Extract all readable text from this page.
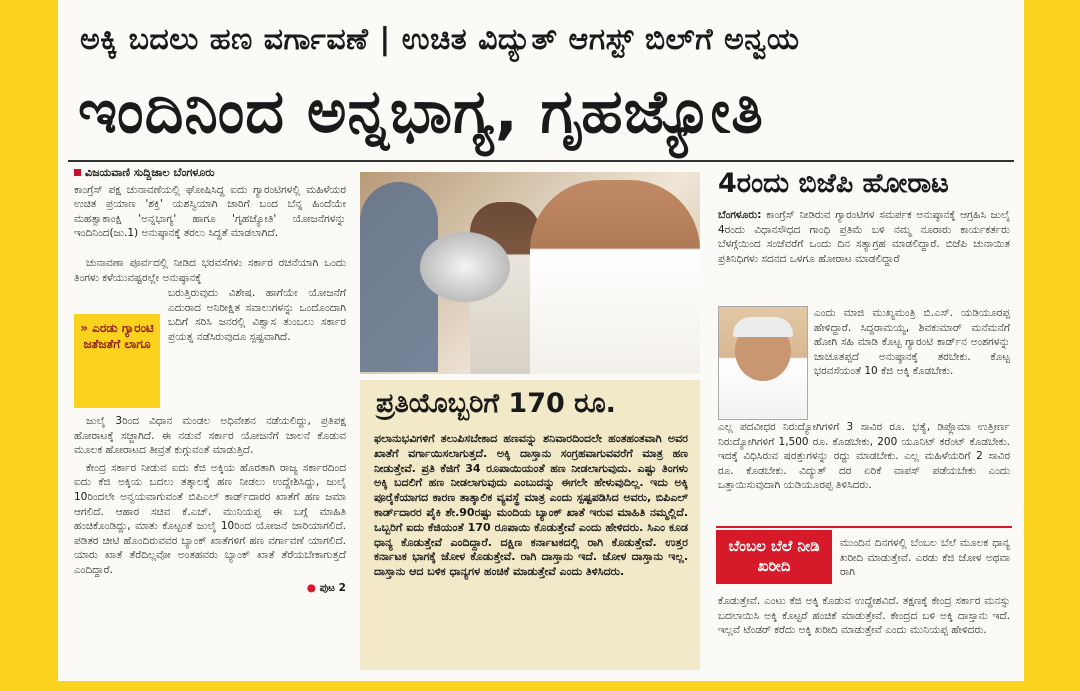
ಅಕ್ಕಿ ಬದಲು ಹಣ ವರ್ಗಾವಣೆ | ಉಚಿತ ವಿದ್ಯುತ್ ಆಗಸ್ಟ್ ಬಿಲ್‌ಗೆ ಅನ್ವಯ
ಇಂದಿನಿಂದ ಅನ್ನಭಾಗ್ಯ, ಗೃಹಜ್ಯೋತಿ
ವಿಜಯವಾಣಿ ಸುದ್ದಿಜಾಲ ಬೆಂಗಳೂರು

ಕಾಂಗ್ರೆಸ್ ಪಕ್ಷ ಚುನಾವಣೆಯಲ್ಲಿ ಘೋಷಿಸಿದ್ದ ಐದು ಗ್ಯಾರಂಟಿಗಳಲ್ಲಿ ಮಹಿಳೆಯರ ಉಚಿತ ಪ್ರಯಾಣ 'ಶಕ್ತಿ' ಯಶಸ್ವಿಯಾಗಿ ಜಾರಿಗೆ ಬಂದ ಬೆನ್ನ ಹಿಂದೆಯೇ ಮಹತ್ವಾಕಾಂಕ್ಷಿ 'ಅನ್ನಭಾಗ್ಯ' ಹಾಗೂ 'ಗೃಹಜ್ಯೋತಿ' ಯೋಜನೆಗಳನ್ನು ಇಂದಿನಿಂದ(ಜು.1) ಅನುಷ್ಠಾನಕ್ಕೆ ತರಲು ಸಿದ್ಧತೆ ಮಾಡಲಾಗಿದೆ.

ಚುನಾವಣಾ ಪೂರ್ವದಲ್ಲಿ ನೀಡಿದ ಭರವಸೆಗಳು ಸರ್ಕಾರ ರಚನೆಯಾಗಿ ಒಂದು ತಿಂಗಳು ಕಳೆಯುವಷ್ಟರಲ್ಲೇ ಅನುಷ್ಠಾನಕ್ಕೆ

ಬರುತ್ತಿರುವುದು ವಿಶೇಷ. ಹಾಗೆಯೇ ಯೋಜನೆಗೆ ಎದುರಾದ ಅನಿರೀಕ್ಷಿತ ಸವಾಲುಗಳನ್ನು ಒಂದೊಂದಾಗಿ ಬದಿಗೆ ಸರಿಸಿ ಜನರಲ್ಲಿ ವಿಶ್ವಾಸ ತುಂಬಲು ಸರ್ಕಾರ ಪ್ರಯತ್ನ ನಡೆಸಿರುವುದೂ ಸ್ಪಷ್ಟವಾಗಿದೆ.

» ಎರಡು ಗ್ಯಾರಂಟಿ ಜತೆಜತೆಗೆ ಲಾಗೂ

ಜುಲೈ 3ರಿಂದ ವಿಧಾನ ಮಂಡಲ ಅಧಿವೇಶನ ನಡೆಯಲಿದ್ದು, ಪ್ರತಿಪಕ್ಷ ಹೋರಾಟಕ್ಕೆ ಸಜ್ಜಾಗಿದೆ. ಈ ನಡುವೆ ಸರ್ಕಾರ ಯೋಜನೆಗೆ ಚಾಲನೆ ಕೊಡುವ ಮೂಲಕ ಹೋರಾಟದ ತೀವ್ರತೆ ಕುಗ್ಗುವಂತೆ ಮಾಡುತ್ತಿದೆ.

ಕೇಂದ್ರ ಸರ್ಕಾರ ನೀಡುವ ಐದು ಕೆಜಿ ಅಕ್ಕಿಯ ಹೊರತಾಗಿ ರಾಜ್ಯ ಸರ್ಕಾರದಿಂದ ಐದು ಕೆಜಿ ಅಕ್ಕಿಯ ಬದಲು ತತ್ಕಾಲಕ್ಕೆ ಹಣ ನೀಡಲು ಉದ್ದೇಶಿಸಿದ್ದು, ಜುಲೈ 10ರಿಂದಲೇ ಅನ್ವಯವಾಗುವಂತೆ ಬಿಪಿಎಲ್ ಕಾರ್ಡ್‌ದಾರರ ಖಾತೆಗೆ ಹಣ ಜಮಾ ಆಗಲಿದೆ. ಆಹಾರ ಸಚಿವ ಕೆ.ಎಚ್. ಮುನಿಯಪ್ಪ ಈ ಬಗ್ಗೆ ಮಾಹಿತಿ ಹಂಚಿಕೊಂಡಿದ್ದು, ಮಾತು ಕೊಟ್ಟಂತೆ ಜುಲೈ 10ರಿಂದ ಯೋಜನೆ ಜಾರಿಯಾಗಲಿದೆ. ಪಡಿತರ ಚೀಟಿ ಹೊಂದಿರುವವರ ಬ್ಯಾಂಕ್ ಖಾತೆಗಳಿಗೆ ಹಣ ವರ್ಗಾವಣೆ ಯಾಗಲಿದೆ. ಯಾರು ಖಾತೆ ತೆರೆದಿಲ್ಲವೋ ಅಂತಹವರು ಬ್ಯಾಂಕ್ ಖಾತೆ ತೆರೆಯಬೇಕಾಗುತ್ತದೆ ಎಂದಿದ್ದಾರೆ.

● ಪುಟ 2
ಪ್ರತಿಯೊಬ್ಬರಿಗೆ 170 ರೂ.
ಫಲಾನುಭವಿಗಳಿಗೆ ತಲುಪಿಸಬೇಕಾದ ಹಣವನ್ನು ಶನಿವಾರದಿಂದಲೇ ಹಂತಹಂತವಾಗಿ ಅವರ ಖಾತೆಗೆ ವರ್ಗಾಯಿಸಲಾಗುತ್ತದೆ. ಅಕ್ಕಿ ದಾಸ್ತಾನು ಸಂಗ್ರಹವಾಗುವವರೆಗೆ ಮಾತ್ರ ಹಣ ನೀಡುತ್ತೇವೆ. ಪ್ರತಿ ಕೆಜಿಗೆ 34 ರೂಪಾಯಿಯಂತೆ ಹಣ ನೀಡಲಾಗುವುದು. ಎಷ್ಟು ತಿಂಗಳು ಅಕ್ಕಿ ಬದಲಿಗೆ ಹಣ ನೀಡಲಾಗುವುದು ಎಂಬುದನ್ನು ಈಗಲೇ ಹೇಳುವುದಿಲ್ಲ. ಇದು ಅಕ್ಕಿ ಪೂರೈಕೆಯಾಗದ ಕಾರಣ ತಾತ್ಕಾಲಿಕ ವ್ಯವಸ್ಥೆ ಮಾತ್ರ ಎಂದು ಸ್ಪಷ್ಟಪಡಿಸಿದ ಅವರು, ಬಿಪಿಎಲ್ ಕಾರ್ಡ್‌ದಾರರ ಪೈಕಿ ಶೇ.90ರಷ್ಟು ಮಂದಿಯ ಬ್ಯಾಂಕ್ ಖಾತೆ ಇರುವ ಮಾಹಿತಿ ನಮ್ಮಲ್ಲಿದೆ. ಒಬ್ಬರಿಗೆ ಐದು ಕೆಜಿಯಂತೆ 170 ರೂಪಾಯಿ ಕೊಡುತ್ತೇವೆ ಎಂದು ಹೇಳಿದರು. ಸಿಎಂ ಕೂಡ ಧಾನ್ಯ ಕೊಡುತ್ತೇವೆ ಎಂದಿದ್ದಾರೆ. ದಕ್ಷಿಣ ಕರ್ನಾಟಕದಲ್ಲಿ ರಾಗಿ ಕೊಡುತ್ತೇವೆ. ಉತ್ತರ ಕರ್ನಾಟಕ ಭಾಗಕ್ಕೆ ಜೋಳ ಕೊಡುತ್ತೇವೆ. ರಾಗಿ ದಾಸ್ತಾನು ಇದೆ. ಜೋಳ ದಾಸ್ತಾನು ಇಲ್ಲ. ದಾಸ್ತಾನು ಆದ ಬಳಿಕ ಧಾನ್ಯಗಳ ಹಂಚಿಕೆ ಮಾಡುತ್ತೇವೆ ಎಂದು ತಿಳಿಸಿದರು.
4ರಂದು ಬಿಜೆಪಿ ಹೋರಾಟ

ಬೆಂಗಳೂರು: ಕಾಂಗ್ರೆಸ್ ನೀಡಿರುವ ಗ್ಯಾರಂಟಿಗಳ ಸಮರ್ಪಕ ಅನುಷ್ಠಾನಕ್ಕೆ ಆಗ್ರಹಿಸಿ ಜುಲೈ 4ರಂದು ವಿಧಾನಸೌಧದ ಗಾಂಧಿ ಪ್ರತಿಮೆ ಬಳಿ ನಮ್ಮ ನೂರಾರು ಕಾರ್ಯಕರ್ತರು ಬೆಳಗ್ಗೆಯಿಂದ ಸಂಜೆವರೆಗೆ ಒಂದು ದಿನ ಸತ್ಯಾಗ್ರಹ ಮಾಡಲಿದ್ದಾರೆ. ಬಿಜೆಪಿ ಚುನಾಯಿತ ಪ್ರತಿನಿಧಿಗಳು ಸದನದ ಒಳಗೂ ಹೋರಾಟ ಮಾಡಲಿದ್ದಾರೆ

ಎಂದು ಮಾಜಿ ಮುಖ್ಯಮಂತ್ರಿ ಬಿ.ಎಸ್. ಯಡಿಯೂರಪ್ಪ ಹೇಳಿದ್ದಾರೆ. ಸಿದ್ದರಾಮಯ್ಯ, ಶಿವಕುಮಾರ್ ಮನೆಮನೆಗೆ ಹೋಗಿ ಸಹಿ ಮಾಡಿ ಕೊಟ್ಟ ಗ್ಯಾರಂಟಿ ಕಾರ್ಡ್‌ನ ಅಂಶಗಳನ್ನು ಚಾಚೂತಪ್ಪದೆ ಅನುಷ್ಠಾನಕ್ಕೆ ತರಬೇಕು. ಕೊಟ್ಟ ಭರವಸೆಯಂತೆ 10 ಕೆಜಿ ಅಕ್ಕಿ ಕೊಡಬೇಕು.

ಎಲ್ಲ ಪದವೀಧರ ನಿರುದ್ಯೋಗಿಗಳಿಗೆ 3 ಸಾವಿರ ರೂ. ಭತ್ಯೆ, ಡಿಪ್ಲೊಮಾ ಉತ್ತೀರ್ಣ ನಿರುದ್ಯೋಗಿಗಳಿಗೆ 1,500 ರೂ. ಕೊಡಬೇಕು, 200 ಯೂನಿಟ್ ಕರೆಂಟ್ ಕೊಡಬೇಕು. ಇದಕ್ಕೆ ವಿಧಿಸಿರುವ ಷರತ್ತುಗಳನ್ನು ರದ್ದು ಮಾಡಬೇಕು. ಎಲ್ಲ ಮಹಿಳೆಯರಿಗೆ 2 ಸಾವಿರ ರೂ. ಕೊಡಬೇಕು. ವಿದ್ಯುತ್ ದರ ಏರಿಕೆ ವಾಪಸ್ ಪಡೆಯಬೇಕು ಎಂದು ಒತ್ತಾಯಿಸುವುದಾಗಿ ಯಡಿಯೂರಪ್ಪ ತಿಳಿಸಿದರು.

ಬೆಂಬಲ ಬೆಲೆ ನೀಡಿ ಖರೀದಿ

ಮುಂದಿನ ದಿನಗಳಲ್ಲಿ ಬೆಂಬಲ ಬೆಲೆ ಮೂಲಕ ಧಾನ್ಯ ಖರೀದಿ ಮಾಡುತ್ತೇವೆ. ಎರಡು ಕೆಜಿ ಜೋಳ ಅಥವಾ ರಾಗಿ

ಕೊಡುತ್ತೇವೆ. ಎಂಟು ಕೆಜಿ ಅಕ್ಕಿ ಕೊಡುವ ಉದ್ದೇಶವಿದೆ. ತಕ್ಷಣಕ್ಕೆ ಕೇಂದ್ರ ಸರ್ಕಾರ ಮನಸ್ಸು ಬದಲಾಯಿಸಿ ಅಕ್ಕಿ ಕೊಟ್ಟರೆ ಹಂಚಿಕೆ ಮಾಡುತ್ತೇವೆ. ಕೇಂದ್ರದ ಬಳಿ ಅಕ್ಕಿ ದಾಸ್ತಾನು ಇದೆ. ಇಲ್ಲವೆ ಟೆಂಡರ್ ಕರೆದು ಅಕ್ಕಿ ಖರೀದಿ ಮಾಡುತ್ತೇವೆ ಎಂದು ಮುನಿಯಪ್ಪ ಹೇಳಿದರು.
